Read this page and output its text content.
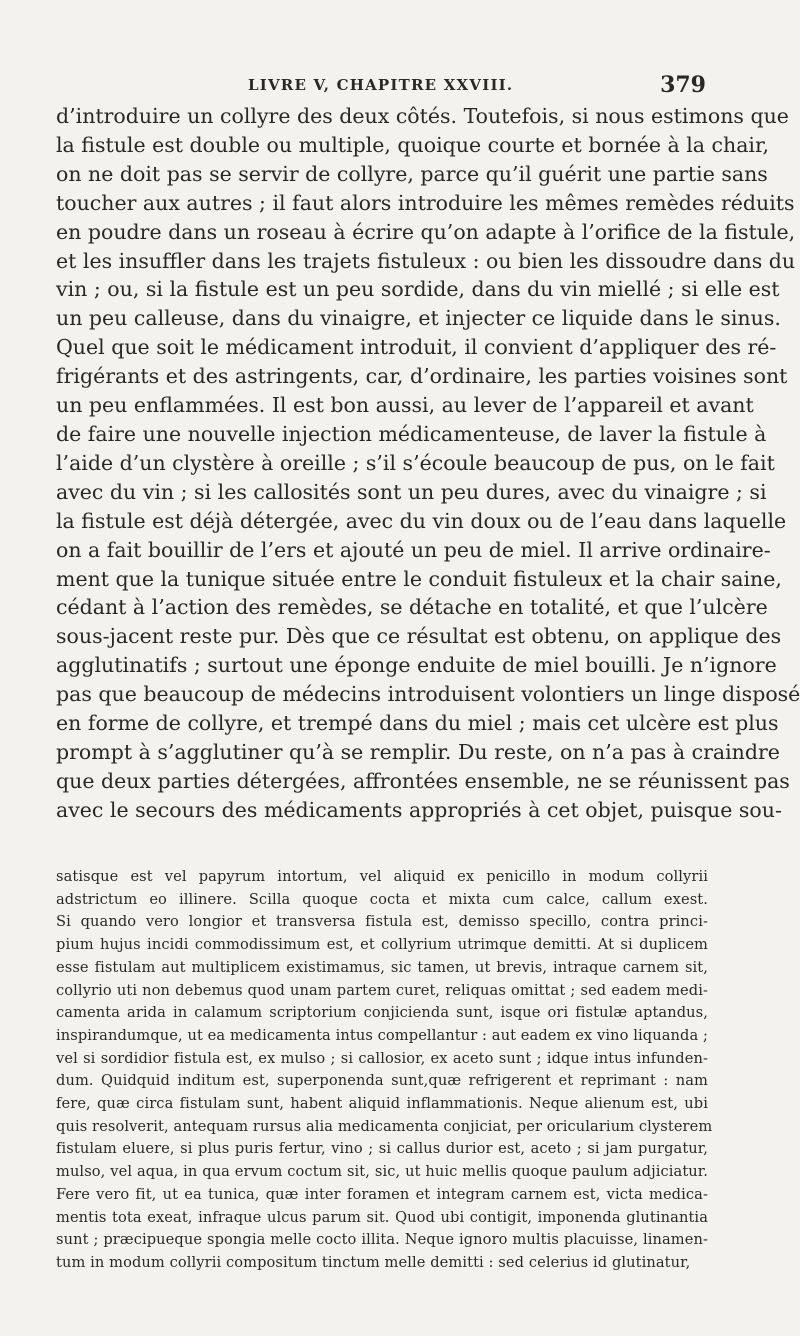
LIVRE V, CHAPITRE XXVIII.	379
d’introduire un collyre des deux côtés. Toutefois, si nous estimons que
la fistule est double ou multiple, quoique courte et bornée à la chair,
on ne doit pas se servir de collyre, parce qu’il guérit une partie sans
toucher aux autres ; il faut alors introduire les mêmes remèdes réduits
en poudre dans un roseau à écrire qu’on adapte à l’orifice de la fistule,
et les insuffler dans les trajets fistuleux : ou bien les dissoudre dans du
vin ; ou, si la fistule est un peu sordide, dans du vin miellé ; si elle est
un peu calleuse, dans du vinaigre, et injecter ce liquide dans le sinus.
Quel que soit le médicament introduit, il convient d’appliquer des ré-
frigérants et des astringents, car, d’ordinaire, les parties voisines sont
un peu enflammées. Il est bon aussi, au lever de l’appareil et avant
de faire une nouvelle injection médicamenteuse, de laver la fistule à
l’aide d’un clystère à oreille ; s’il s’écoule beaucoup de pus, on le fait
avec du vin ; si les callosités sont un peu dures, avec du vinaigre ; si
la fistule est déjà détergée, avec du vin doux ou de l’eau dans laquelle
on a fait bouillir de l’ers et ajouté un peu de miel. Il arrive ordinaire-
ment que la tunique située entre le conduit fistuleux et la chair saine,
cédant à l’action des remèdes, se détache en totalité, et que l’ulcère
sous-jacent reste pur. Dès que ce résultat est obtenu, on applique des
agglutinatifs ; surtout une éponge enduite de miel bouilli. Je n’ignore
pas que beaucoup de médecins introduisent volontiers un linge disposé
en forme de collyre, et trempé dans du miel ; mais cet ulcère est plus
prompt à s’agglutiner qu’à se remplir. Du reste, on n’a pas à craindre
que deux parties détergées, affrontées ensemble, ne se réunissent pas
avec le secours des médicaments appropriés à cet objet, puisque sou-
satisque est vel papyrum intortum, vel aliquid ex penicillo in modum collyrii
adstrictum eo illinere. Scilla quoque cocta et mixta cum calce, callum exest.
Si quando vero longior et transversa fistula est, demisso specillo, contra princi-
pium hujus incidi commodissimum est, et collyrium utrimque demitti. At si duplicem
esse fistulam aut multiplicem existimamus, sic tamen, ut brevis, intraque carnem sit,
collyrio uti non debemus quod unam partem curet, reliquas omittat ; sed eadem medi-
camenta arida in calamum scriptorium conjicienda sunt, isque ori fistulæ aptandus,
inspirandumque, ut ea medicamenta intus compellantur : aut eadem ex vino liquanda ;
vel si sordidior fistula est, ex mulso ; si callosior, ex aceto sunt ; idque intus infunden-
dum. Quidquid inditum est, superponenda sunt,quæ refrigerent et reprimant : nam
fere, quæ circa fistulam sunt, habent aliquid inflammationis. Neque alienum est, ubi
quis resolverit, antequam rursus alia medicamenta conjiciat, per oricularium clysterem
fistulam eluere, si plus puris fertur, vino ; si callus durior est, aceto ; si jam purgatur,
mulso, vel aqua, in qua ervum coctum sit, sic, ut huic mellis quoque paulum adjiciatur.
Fere vero fit, ut ea tunica, quæ inter foramen et integram carnem est, victa medica-
mentis tota exeat, infraque ulcus parum sit. Quod ubi contigit, imponenda glutinantia
sunt ; præcipueque spongia melle cocto illita. Neque ignoro multis placuisse, linamen-
tum in modum collyrii compositum tinctum melle demitti : sed celerius id glutinatur,
